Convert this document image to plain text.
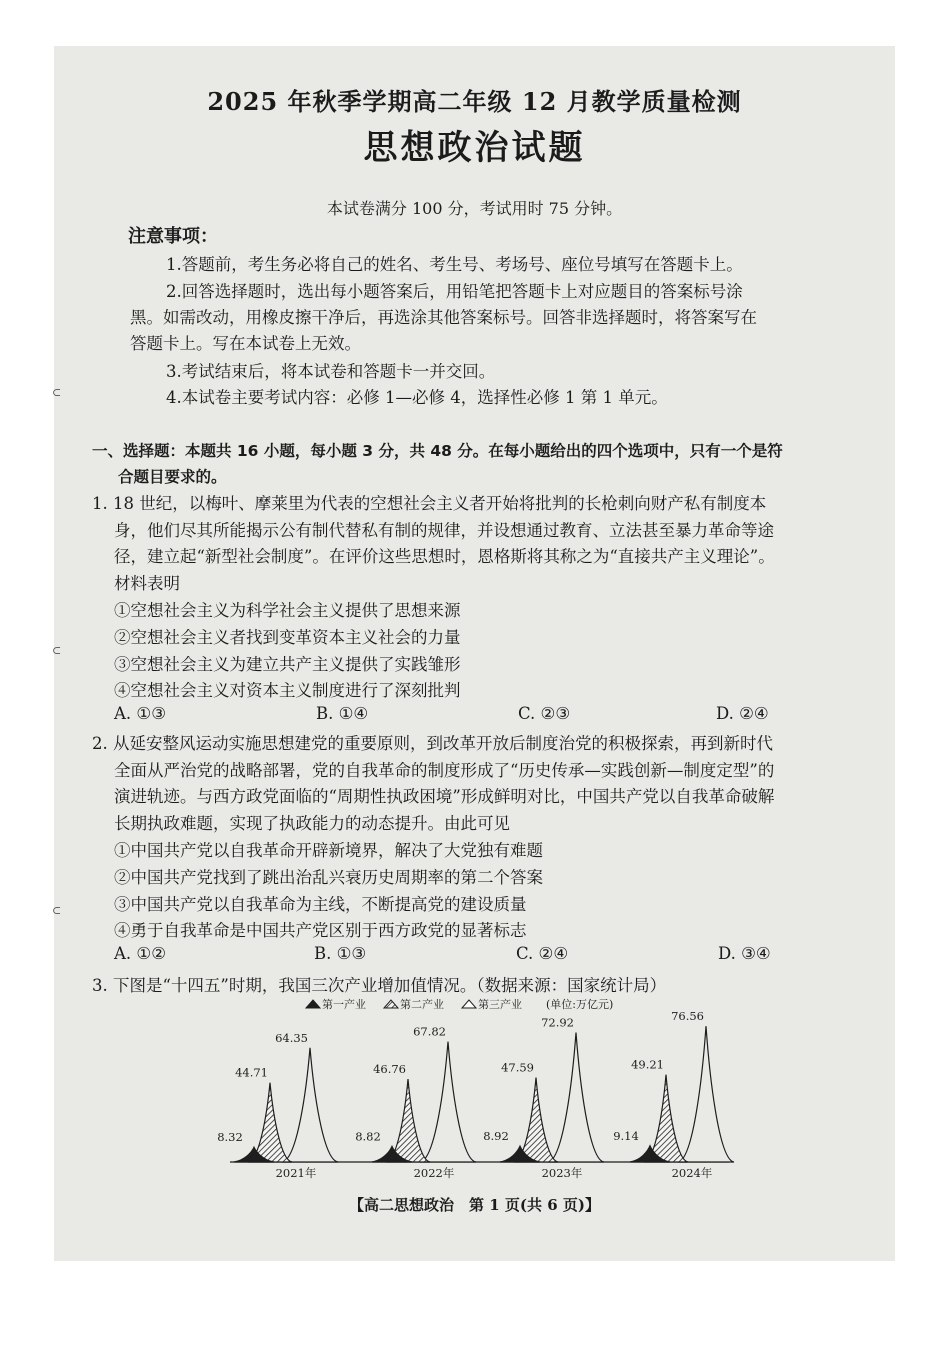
2025 年秋季学期高二年级 12 月教学质量检测
思想政治试题
本试卷满分 100 分，考试用时 75 分钟。
注意事项：
1.答题前，考生务必将自己的姓名、考生号、考场号、座位号填写在答题卡上。
2.回答选择题时，选出每小题答案后，用铅笔把答题卡上对应题目的答案标号涂
黑。如需改动，用橡皮擦干净后，再选涂其他答案标号。回答非选择题时，将答案写在
答题卡上。写在本试卷上无效。
3.考试结束后，将本试卷和答题卡一并交回。
4.本试卷主要考试内容：必修 1—必修 4，选择性必修 1 第 1 单元。
一、选择题：本题共 16 小题，每小题 3 分，共 48 分。在每小题给出的四个选项中，只有一个是符
合题目要求的。
1. 18 世纪，以梅叶、摩莱里为代表的空想社会主义者开始将批判的长枪刺向财产私有制度本
身，他们尽其所能揭示公有制代替私有制的规律，并设想通过教育、立法甚至暴力革命等途
径，建立起“新型社会制度”。在评价这些思想时，恩格斯将其称之为“直接共产主义理论”。
材料表明
①空想社会主义为科学社会主义提供了思想来源
②空想社会主义者找到变革资本主义社会的力量
③空想社会主义为建立共产主义提供了实践雏形
④空想社会主义对资本主义制度进行了深刻批判
A. ①③	B. ①④	C. ②③	D. ②④
2. 从延安整风运动实施思想建党的重要原则，到改革开放后制度治党的积极探索，再到新时代
全面从严治党的战略部署，党的自我革命的制度形成了“历史传承—实践创新—制度定型”的
演进轨迹。与西方政党面临的“周期性执政困境”形成鲜明对比，中国共产党以自我革命破解
长期执政难题，实现了执政能力的动态提升。由此可见
①中国共产党以自我革命开辟新境界，解决了大党独有难题
②中国共产党找到了跳出治乱兴衰历史周期率的第二个答案
③中国共产党以自我革命为主线，不断提高党的建设质量
④勇于自我革命是中国共产党区别于西方政党的显著标志
A. ①②	B. ①③	C. ②④	D. ③④
3. 下图是“十四五”时期，我国三次产业增加值情况。（数据来源：国家统计局）
第一产业	第二产业	第三产业 (单位:万亿元)
64.35
44.71
8.32
2021年
67.82
46.76
8.82
2022年
72.92
47.59
8.92
2023年
76.56
49.21
9.14
2024年
【高二思想政治　第 1 页(共 6 页)】
⊂
⊂
⊂
